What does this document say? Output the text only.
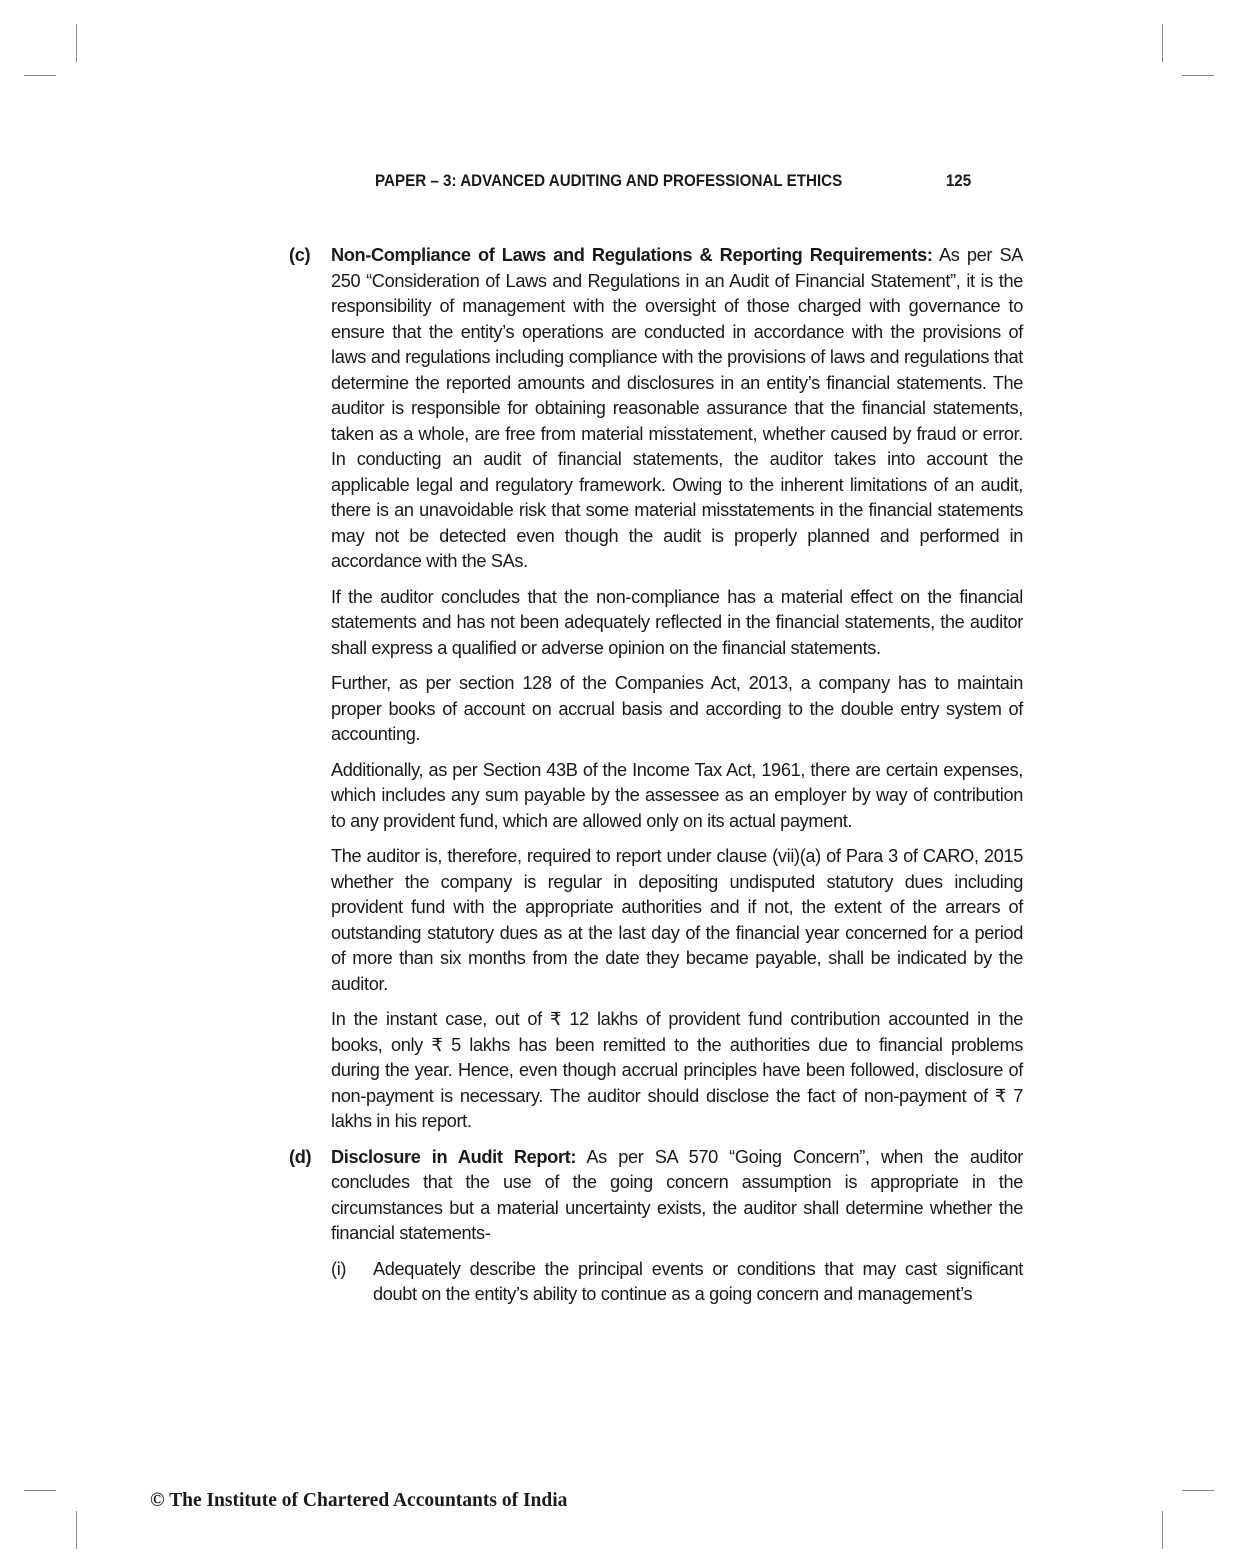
PAPER – 3: ADVANCED AUDITING AND PROFESSIONAL ETHICS	125
(c)	Non-Compliance of Laws and Regulations & Reporting Requirements: As per SA 250 “Consideration of Laws and Regulations in an Audit of Financial Statement”, it is the responsibility of management with the oversight of those charged with governance to ensure that the entity’s operations are conducted in accordance with the provisions of laws and regulations including compliance with the provisions of laws and regulations that determine the reported amounts and disclosures in an entity’s financial statements. The auditor is responsible for obtaining reasonable assurance that the financial statements, taken as a whole, are free from material misstatement, whether caused by fraud or error. In conducting an audit of financial statements, the auditor takes into account the applicable legal and regulatory framework. Owing to the inherent limitations of an audit, there is an unavoidable risk that some material misstatements in the financial statements may not be detected even though the audit is properly planned and performed in accordance with the SAs.

If the auditor concludes that the non-compliance has a material effect on the financial statements and has not been adequately reflected in the financial statements, the auditor shall express a qualified or adverse opinion on the financial statements.

Further, as per section 128 of the Companies Act, 2013, a company has to maintain proper books of account on accrual basis and according to the double entry system of accounting.

Additionally, as per Section 43B of the Income Tax Act, 1961, there are certain expenses, which includes any sum payable by the assessee as an employer by way of contribution to any provident fund, which are allowed only on its actual payment.

The auditor is, therefore, required to report under clause (vii)(a) of Para 3 of CARO, 2015 whether the company is regular in depositing undisputed statutory dues including provident fund with the appropriate authorities and if not, the extent of the arrears of outstanding statutory dues as at the last day of the financial year concerned for a period of more than six months from the date they became payable, shall be indicated by the auditor.

In the instant case, out of ₹ 12 lakhs of provident fund contribution accounted in the books, only ₹ 5 lakhs has been remitted to the authorities due to financial problems during the year. Hence, even though accrual principles have been followed, disclosure of non-payment is necessary. The auditor should disclose the fact of non-payment of ₹ 7 lakhs in his report.

(d)	Disclosure in Audit Report: As per SA 570 “Going Concern”, when the auditor concludes that the use of the going concern assumption is appropriate in the circumstances but a material uncertainty exists, the auditor shall determine whether the financial statements-

(i)	Adequately describe the principal events or conditions that may cast significant doubt on the entity’s ability to continue as a going concern and management’s
© The Institute of Chartered Accountants of India
